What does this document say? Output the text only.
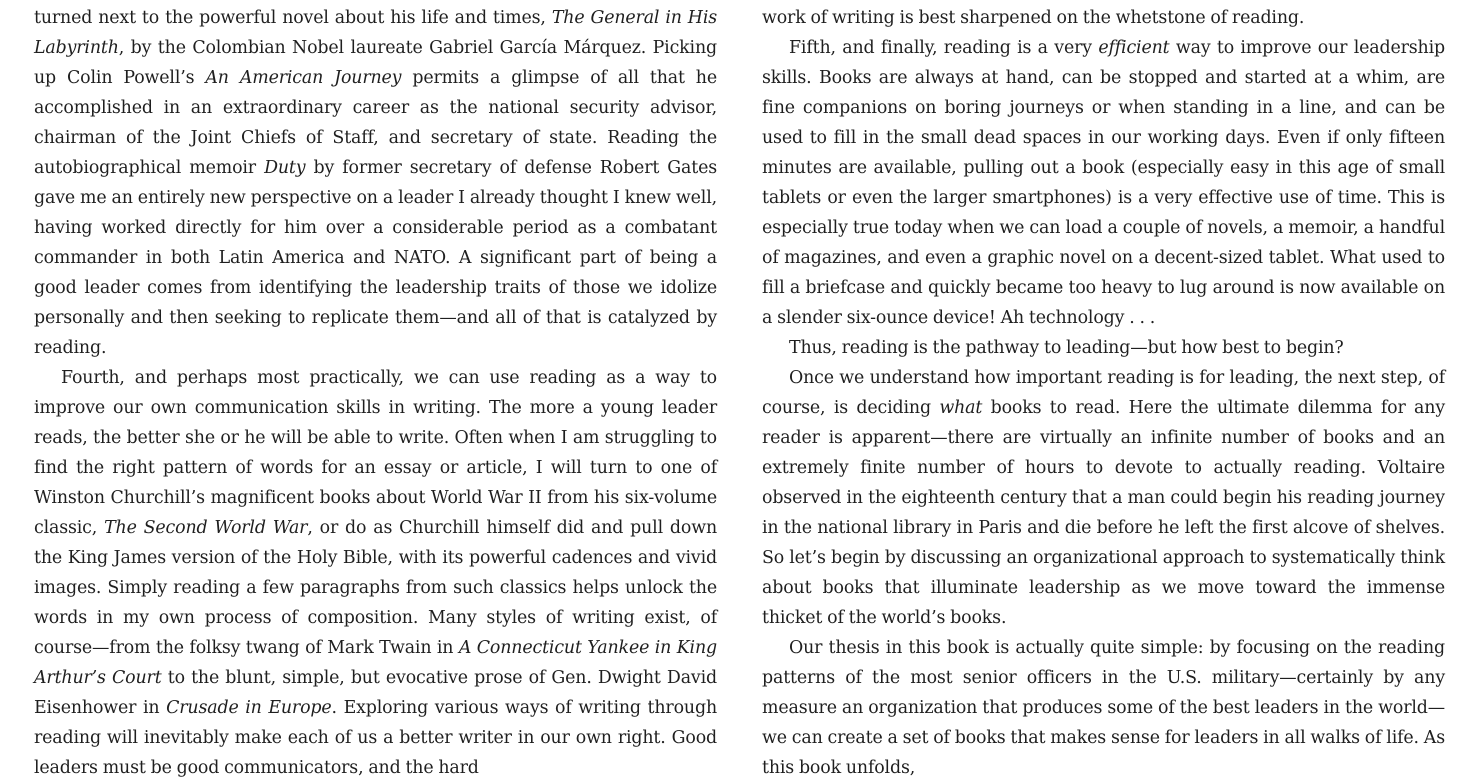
turned next to the powerful novel about his life and times, The General in His Labyrinth, by the Colombian Nobel laureate Gabriel García Márquez. Picking up Colin Powell’s An American Journey permits a glimpse of all that he accomplished in an extraordinary career as the national security advisor, chairman of the Joint Chiefs of Staff, and secretary of state. Reading the autobiographical memoir Duty by former secretary of defense Robert Gates gave me an entirely new perspective on a leader I already thought I knew well, having worked directly for him over a considerable period as a combatant commander in both Latin America and NATO. A significant part of being a good leader comes from identifying the leadership traits of those we idolize personally and then seeking to replicate them—and all of that is catalyzed by reading.

Fourth, and perhaps most practically, we can use reading as a way to improve our own communication skills in writing. The more a young leader reads, the better she or he will be able to write. Often when I am struggling to find the right pattern of words for an essay or article, I will turn to one of Winston Churchill’s magnificent books about World War II from his six-volume classic, The Second World War, or do as Churchill himself did and pull down the King James version of the Holy Bible, with its powerful cadences and vivid images. Simply reading a few paragraphs from such classics helps unlock the words in my own process of composition. Many styles of writing exist, of course—from the folksy twang of Mark Twain in A Connecticut Yankee in King Arthur’s Court to the blunt, simple, but evocative prose of Gen. Dwight David Eisenhower in Crusade in Europe. Exploring various ways of writing through reading will inevitably make each of us a better writer in our own right. Good leaders must be good communicators, and the hard

work of writing is best sharpened on the whetstone of reading.

Fifth, and finally, reading is a very efficient way to improve our leadership skills. Books are always at hand, can be stopped and started at a whim, are fine companions on boring journeys or when standing in a line, and can be used to fill in the small dead spaces in our working days. Even if only fifteen minutes are available, pulling out a book (especially easy in this age of small tablets or even the larger smartphones) is a very effective use of time. This is especially true today when we can load a couple of novels, a memoir, a handful of magazines, and even a graphic novel on a decent-sized tablet. What used to fill a briefcase and quickly became too heavy to lug around is now available on a slender six-ounce device! Ah technology . . .

Thus, reading is the pathway to leading—but how best to begin?

Once we understand how important reading is for leading, the next step, of course, is deciding what books to read. Here the ultimate dilemma for any reader is apparent—there are virtually an infinite number of books and an extremely finite number of hours to devote to actually reading. Voltaire observed in the eighteenth century that a man could begin his reading journey in the national library in Paris and die before he left the first alcove of shelves. So let’s begin by discussing an organizational approach to systematically think about books that illuminate leadership as we move toward the immense thicket of the world’s books.

Our thesis in this book is actually quite simple: by focusing on the reading patterns of the most senior officers in the U.S. military—certainly by any measure an organization that produces some of the best leaders in the world—we can create a set of books that makes sense for leaders in all walks of life. As this book unfolds,
